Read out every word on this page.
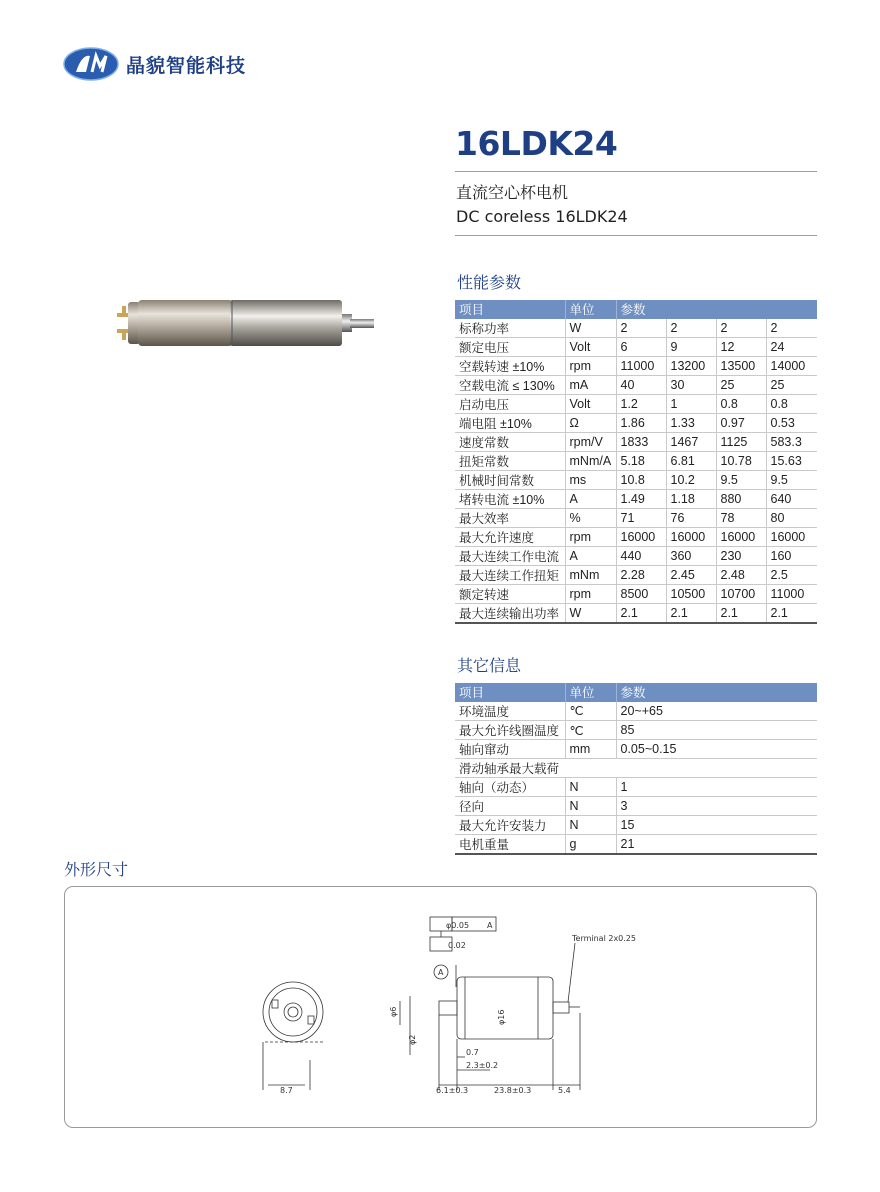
晶貌智能科技
16LDK24
直流空心杯电机
DC coreless 16LDK24
性能参数
项目	单位	参数			
标称功率	W	2	2	2	2
额定电压	Volt	6	9	12	24
空载转速 ±10%	rpm	11000	13200	13500	14000
空载电流 ≤ 130%	mA	40	30	25	25
启动电压	Volt	1.2	1	0.8	0.8
端电阻 ±10%	Ω	1.86	1.33	0.97	0.53
速度常数	rpm/V	1833	1467	1125	583.3
扭矩常数	mNm/A	5.18	6.81	10.78	15.63
机械时间常数	ms	10.8	10.2	9.5	9.5
堵转电流 ±10%	A	1.49	1.18	880	640
最大效率	%	71	76	78	80
最大允许速度	rpm	16000	16000	16000	16000
最大连续工作电流	A	440	360	230	160
最大连续工作扭矩	mNm	2.28	2.45	2.48	2.5
额定转速	rpm	8500	10500	10700	11000
最大连续输出功率	W	2.1	2.1	2.1	2.1
其它信息
项目	单位	参数
环境温度	℃	20~+65
最大允许线圈温度	℃	85
轴向窜动	mm	0.05~0.15
滑动轴承最大载荷		
轴向（动态）	N	1
径向	N	3
最大允许安装力	N	15
电机重量	g	21
外形尺寸
φ0.05 A
0.02
A
Terminal 2x0.25
φ6	φ16
φ2
0.7
2.3±0.2
6.1±0.3	23.8±0.3	5.4
8.7
